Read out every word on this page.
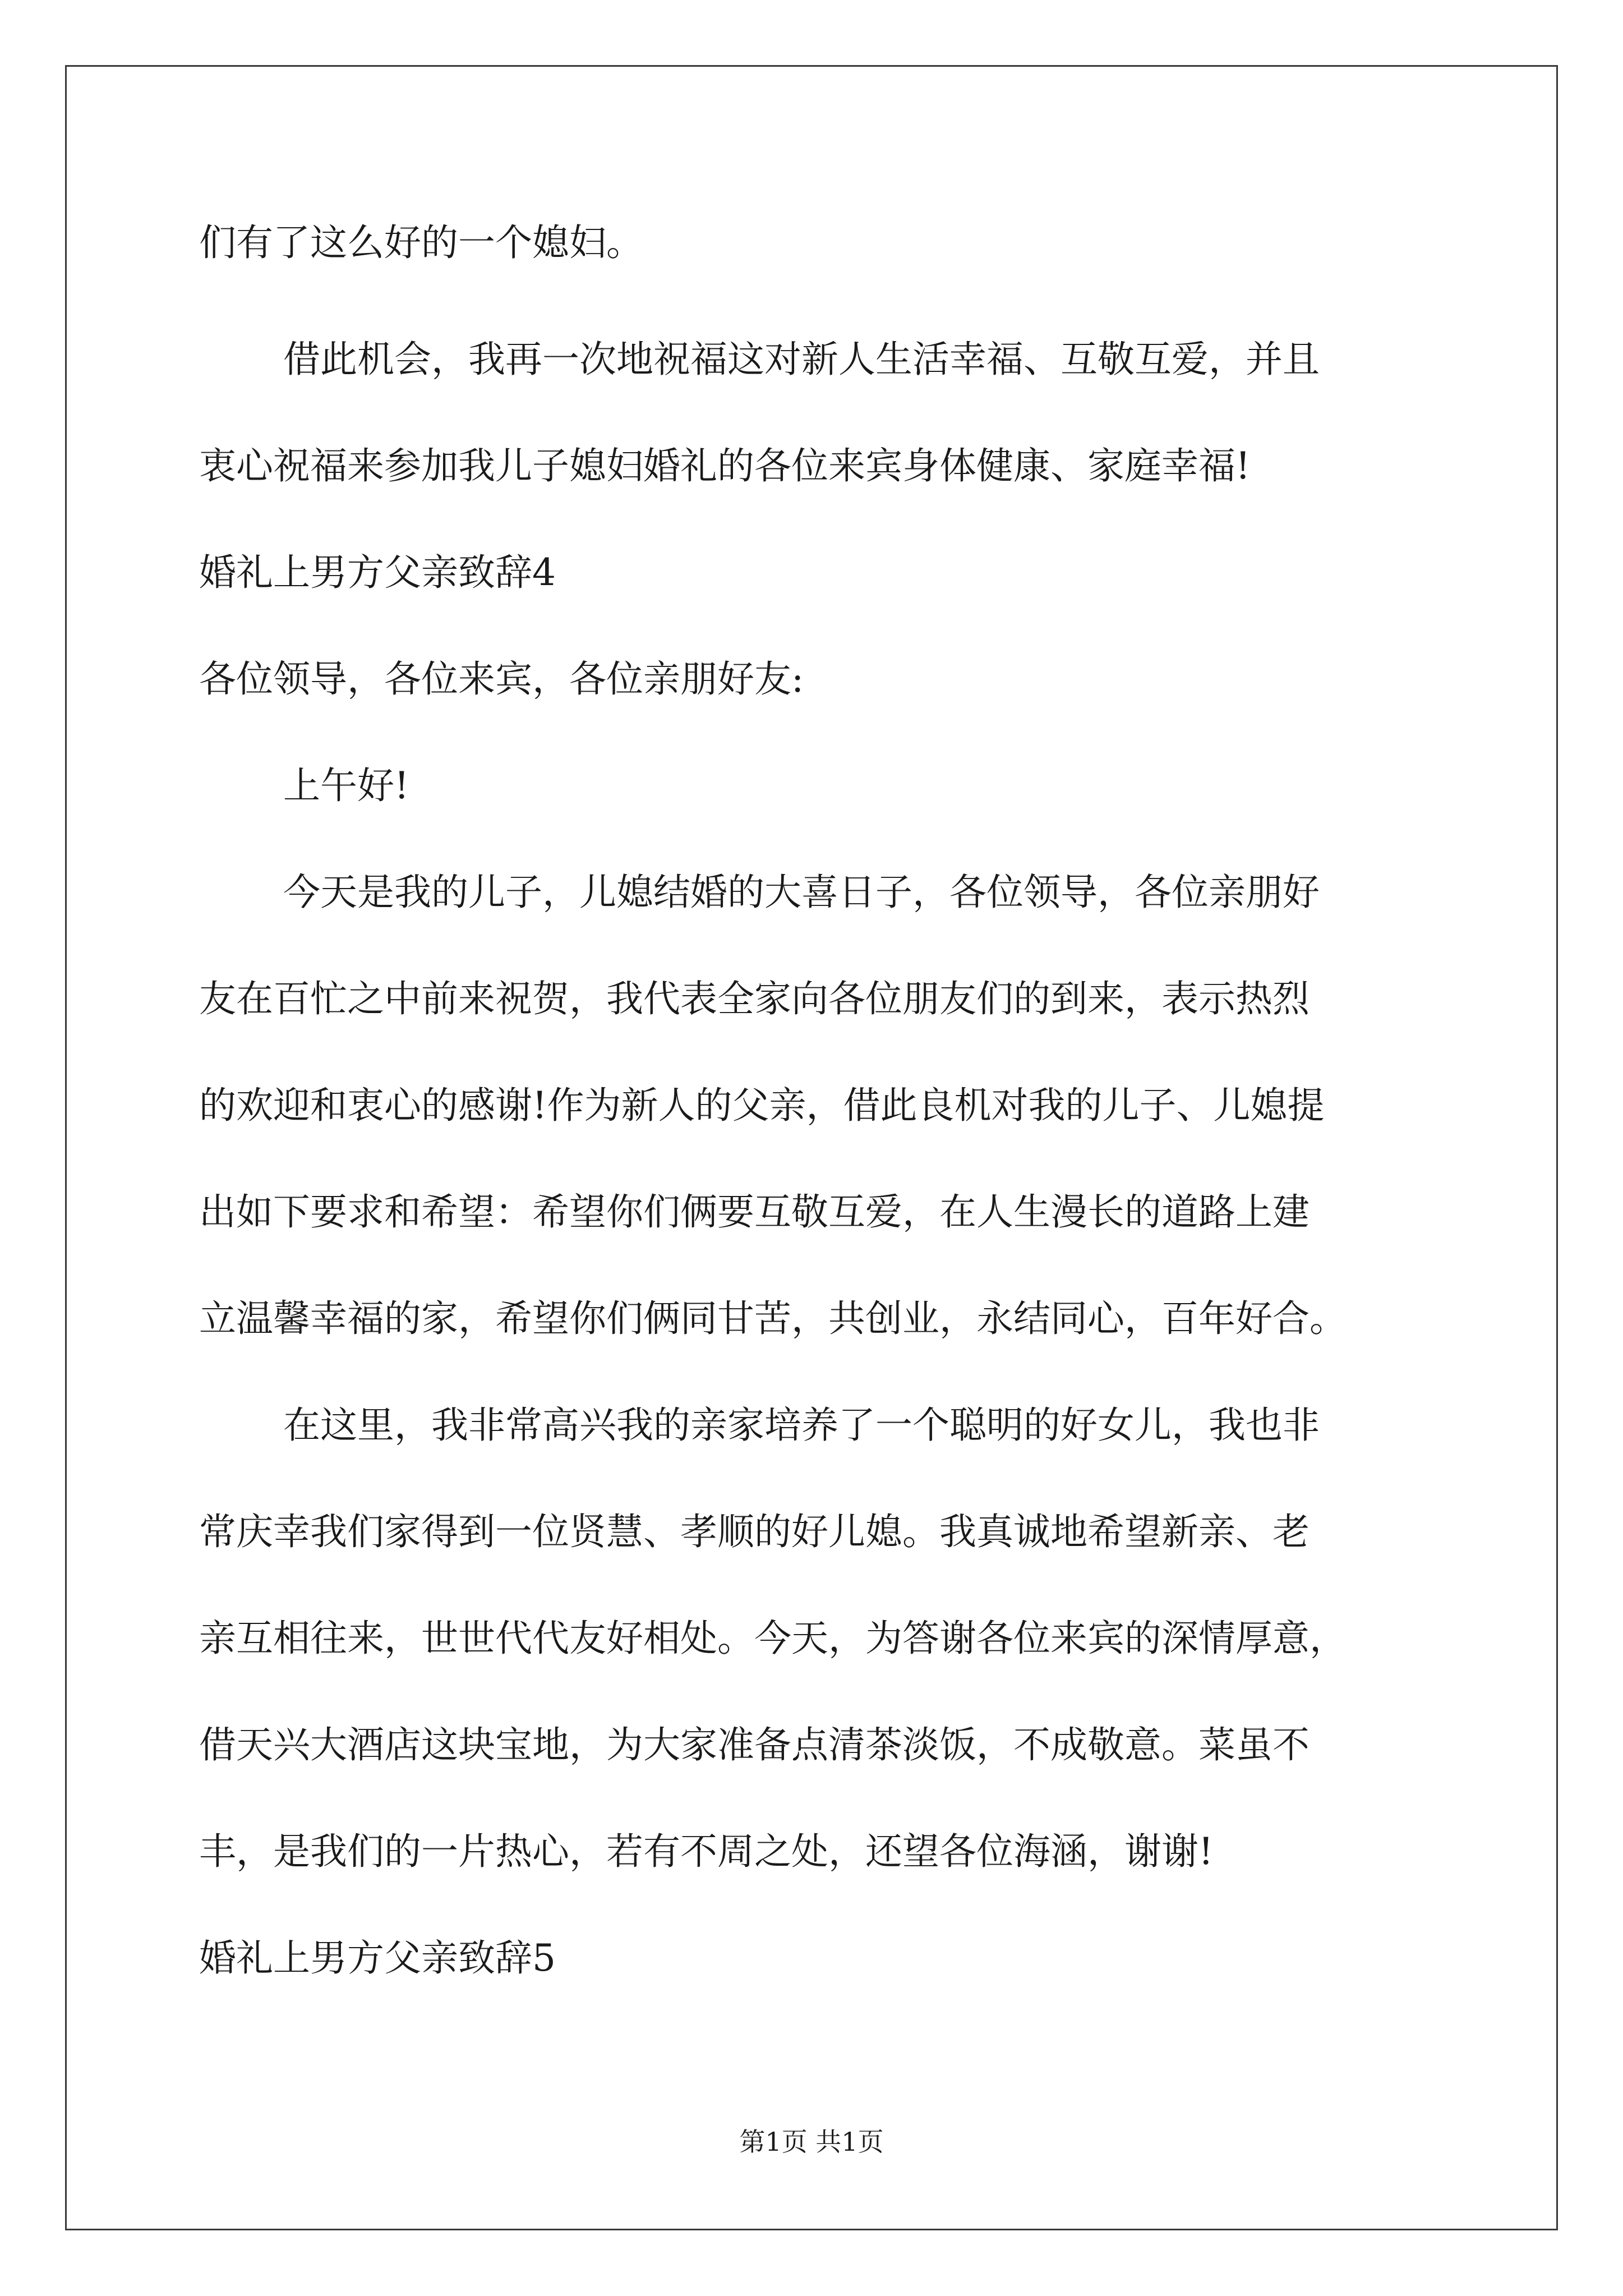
们有了这么好的一个媳妇。
借此机会，我再一次地祝福这对新人生活幸福、互敬互爱，并且
衷心祝福来参加我儿子媳妇婚礼的各位来宾身体健康、家庭幸福!
婚礼上男方父亲致辞4
各位领导，各位来宾，各位亲朋好友:
上午好!
今天是我的儿子，儿媳结婚的大喜日子，各位领导，各位亲朋好
友在百忙之中前来祝贺，我代表全家向各位朋友们的到来，表示热烈
的欢迎和衷心的感谢!作为新人的父亲，借此良机对我的儿子、儿媳提
出如下要求和希望：希望你们俩要互敬互爱，在人生漫长的道路上建
立温馨幸福的家，希望你们俩同甘苦，共创业，永结同心，百年好合。
在这里，我非常高兴我的亲家培养了一个聪明的好女儿，我也非
常庆幸我们家得到一位贤慧、孝顺的好儿媳。我真诚地希望新亲、老
亲互相往来，世世代代友好相处。今天，为答谢各位来宾的深情厚意，
借天兴大酒店这块宝地，为大家准备点清茶淡饭，不成敬意。菜虽不
丰，是我们的一片热心，若有不周之处，还望各位海涵，谢谢!
婚礼上男方父亲致辞5
第1页 共1页
